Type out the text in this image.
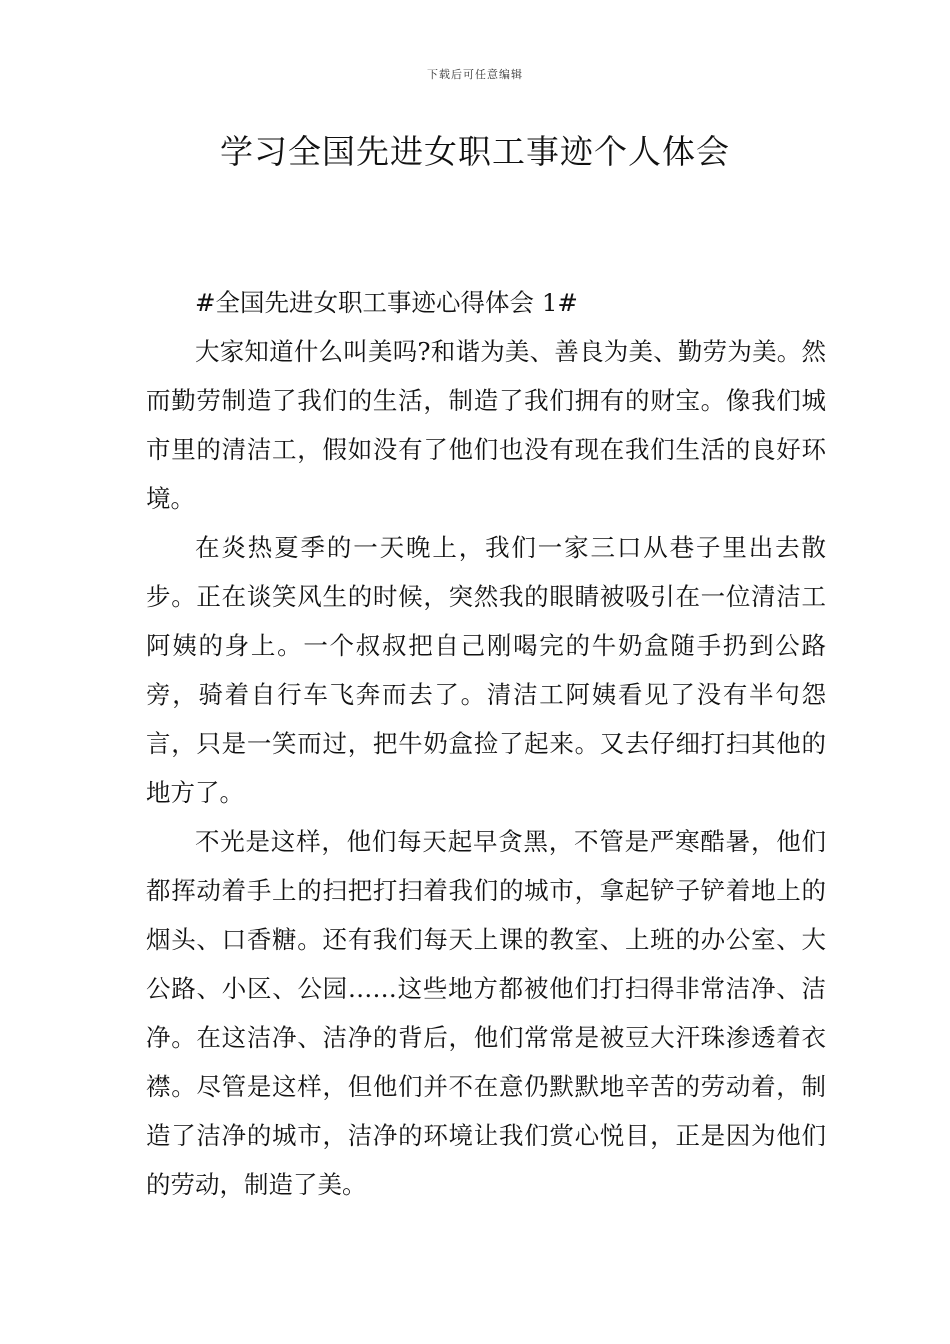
下载后可任意编辑
学习全国先进女职工事迹个人体会

#全国先进女职工事迹心得体会 1#

大家知道什么叫美吗?和谐为美、善良为美、勤劳为美。然而勤劳制造了我们的生活，制造了我们拥有的财宝。像我们城市里的清洁工，假如没有了他们也没有现在我们生活的良好环境。

在炎热夏季的一天晚上，我们一家三口从巷子里出去散步。正在谈笑风生的时候，突然我的眼睛被吸引在一位清洁工阿姨的身上。一个叔叔把自己刚喝完的牛奶盒随手扔到公路旁，骑着自行车飞奔而去了。清洁工阿姨看见了没有半句怨言，只是一笑而过，把牛奶盒捡了起来。又去仔细打扫其他的地方了。

不光是这样，他们每天起早贪黑，不管是严寒酷暑，他们都挥动着手上的扫把打扫着我们的城市，拿起铲子铲着地上的烟头、口香糖。还有我们每天上课的教室、上班的办公室、大公路、小区、公园……这些地方都被他们打扫得非常洁净、洁净。在这洁净、洁净的背后，他们常常是被豆大汗珠渗透着衣襟。尽管是这样，但他们并不在意仍默默地辛苦的劳动着，制造了洁净的城市，洁净的环境让我们赏心悦目，正是因为他们的劳动，制造了美。
